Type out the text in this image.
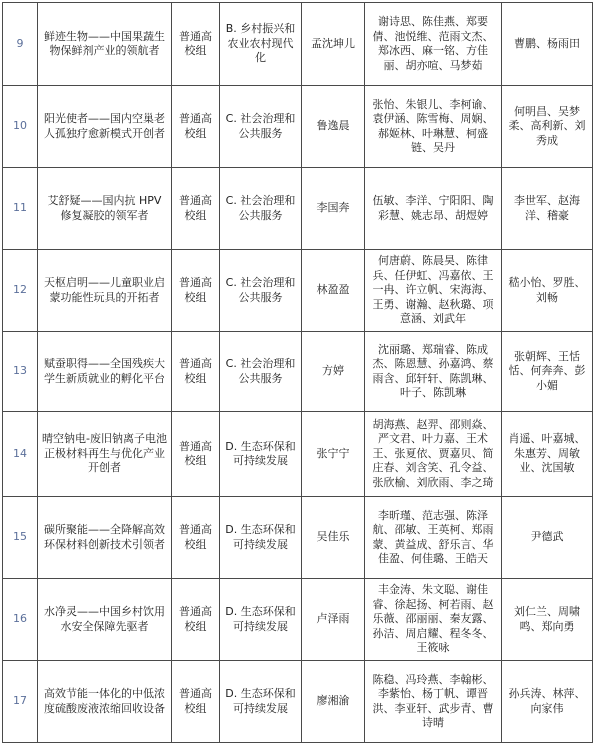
9	鲜迹生物——中国果蔬生物保鲜剂产业的领航者	普通高校组	B. 乡村振兴和农业农村现代化	孟沈坤儿	谢诗思、陈佳燕、郑要倩、池悦维、范雨文杰、郑冰西、麻一铭、方佳丽、胡亦喧、马梦茹	曹鹏、杨雨田
10	阳光使者——国内空巢老人孤独疗愈新模式开创者	普通高校组	C. 社会治理和公共服务	鲁逸晨	张怡、朱银儿、李柯谕、袁伊涵、陈雪梅、周娴、郝姬林、叶琳慧、柯盛链、吴丹	何明昌、吴梦柔、高利新、刘秀成
11	艾舒疑——国内抗 HPV 修复凝胶的领军者	普通高校组	C. 社会治理和公共服务	李国奔	伍敏、李洋、宁阳阳、陶彩慧、姚志昂、胡煜婷	李世军、赵海洋、稽豪
12	天枢启明——儿童职业启蒙功能性玩具的开拓者	普通高校组	C. 社会治理和公共服务	林盈盈	何唐蔚、陈晨昊、陈律兵、任伊虹、冯嘉依、王一冉、许立帆、宋海海、王勇、谢瀚、赵秋璐、项意涵、刘武年	嵇小怡、罗胜、刘畅
13	赋蚕职得——全国残疾大学生新质就业的孵化平台	普通高校组	C. 社会治理和公共服务	方婷	沈丽璐、郑瑞睿、陈成杰、陈恩慧、孙嘉鸿、蔡雨含、邱轩轩、陈凯琳、叶子、陈凯琳	张朝辉、王恬恬、何奔奔、彭小媚
14	晴空钠电-废旧钠离子电池正极材料再生与优化产业开创者	普通高校组	D. 生态环保和可持续发展	张宁宁	胡海燕、赵羿、邵则焱、严文君、叶力嘉、王术王、张夏依、贾嘉贝、简庄春、刘含笑、孔令益、张欣榆、刘欣雨、李之琦	肖遥、叶嘉城、朱惠芳、周敏业、沈国敏
15	碳所聚能——全降解高效环保材料创新技术引领者	普通高校组	D. 生态环保和可持续发展	吴佳乐	李昕瑾、范志强、陈泽航、邵敏、王英柯、郑雨蒙、黄益成、舒乐言、华佳盈、何佳璐、王皓天	尹德武
16	水净灵——中国乡村饮用水安全保障先驱者	普通高校组	D. 生态环保和可持续发展	卢泽雨	丰金涛、朱文聪、谢佳睿、徐起扬、柯若雨、赵乐薇、邵丽丽、秦友露、孙洁、周启耀、程冬冬、王筱咏	刘仁兰、周啸鸣、郑向勇
17	高效节能一体化的中低浓度硫酸废液浓缩回收设备	普通高校组	D. 生态环保和可持续发展	廖湘渝	陈稳、冯玲燕、李翰彬、李紫怡、杨丁帆、谭晋洪、李亚轩、武步青、曹诗晴	孙兵涛、林萍、向家伟
